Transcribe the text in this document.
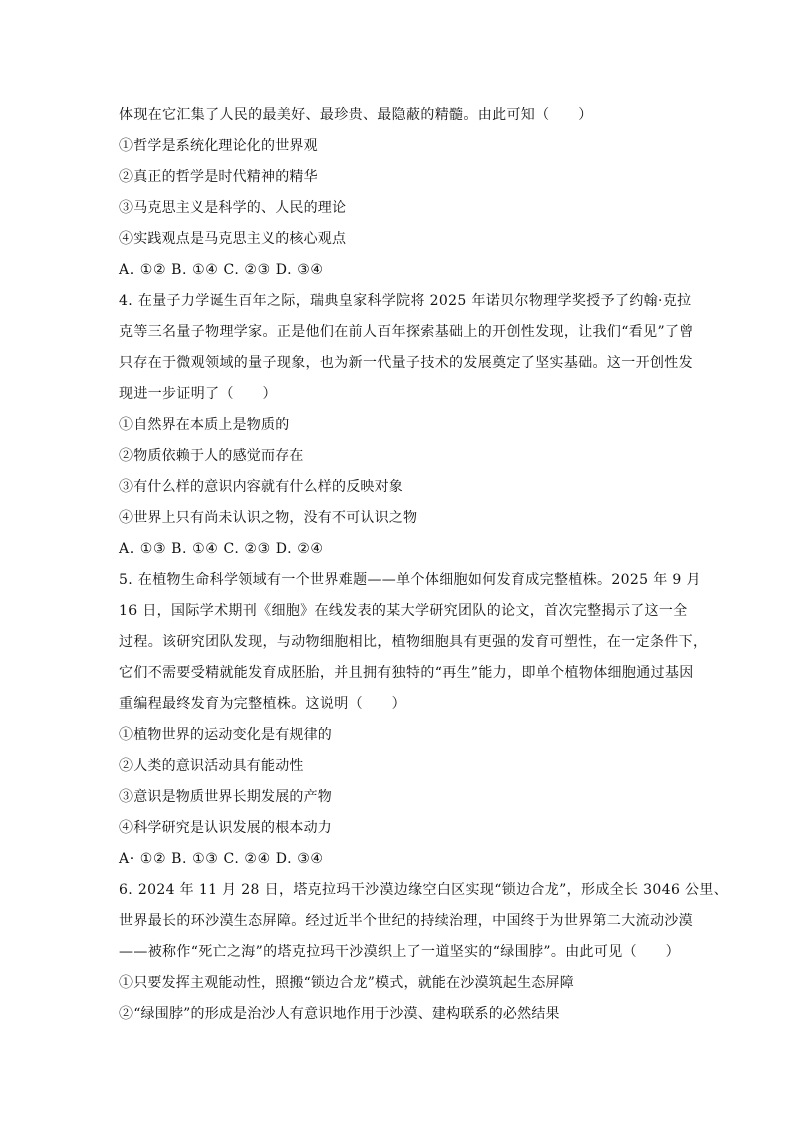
体现在它汇集了人民的最美好、最珍贵、最隐蔽的精髓。由此可知（　　）
①哲学是系统化理论化的世界观
②真正的哲学是时代精神的精华
③马克思主义是科学的、人民的理论
④实践观点是马克思主义的核心观点
A. ①② B. ①④ C. ②③ D. ③④
4. 在量子力学诞生百年之际，瑞典皇家科学院将 2025 年诺贝尔物理学奖授予了约翰·克拉
克等三名量子物理学家。正是他们在前人百年探索基础上的开创性发现，让我们“看见”了曾
只存在于微观领域的量子现象，也为新一代量子技术的发展奠定了坚实基础。这一开创性发
现进一步证明了（　　）
①自然界在本质上是物质的
②物质依赖于人的感觉而存在
③有什么样的意识内容就有什么样的反映对象
④世界上只有尚未认识之物，没有不可认识之物
A. ①③ B. ①④ C. ②③ D. ②④
5. 在植物生命科学领域有一个世界难题——单个体细胞如何发育成完整植株。2025 年 9 月
16 日，国际学术期刊《细胞》在线发表的某大学研究团队的论文，首次完整揭示了这一全
过程。该研究团队发现，与动物细胞相比，植物细胞具有更强的发育可塑性，在一定条件下，
它们不需要受精就能发育成胚胎，并且拥有独特的“再生”能力，即单个植物体细胞通过基因
重编程最终发育为完整植株。这说明（　　）
①植物世界的运动变化是有规律的
②人类的意识活动具有能动性
③意识是物质世界长期发展的产物
④科学研究是认识发展的根本动力
A· ①② B. ①③ C. ②④ D. ③④
6. 2024 年 11 月 28 日，塔克拉玛干沙漠边缘空白区实现“锁边合龙”，形成全长 3046 公里、
世界最长的环沙漠生态屏障。经过近半个世纪的持续治理，中国终于为世界第二大流动沙漠
——被称作“死亡之海”的塔克拉玛干沙漠织上了一道坚实的“绿围脖”。由此可见（　　）
①只要发挥主观能动性，照搬“锁边合龙”模式，就能在沙漠筑起生态屏障
②“绿围脖”的形成是治沙人有意识地作用于沙漠、建构联系的必然结果
